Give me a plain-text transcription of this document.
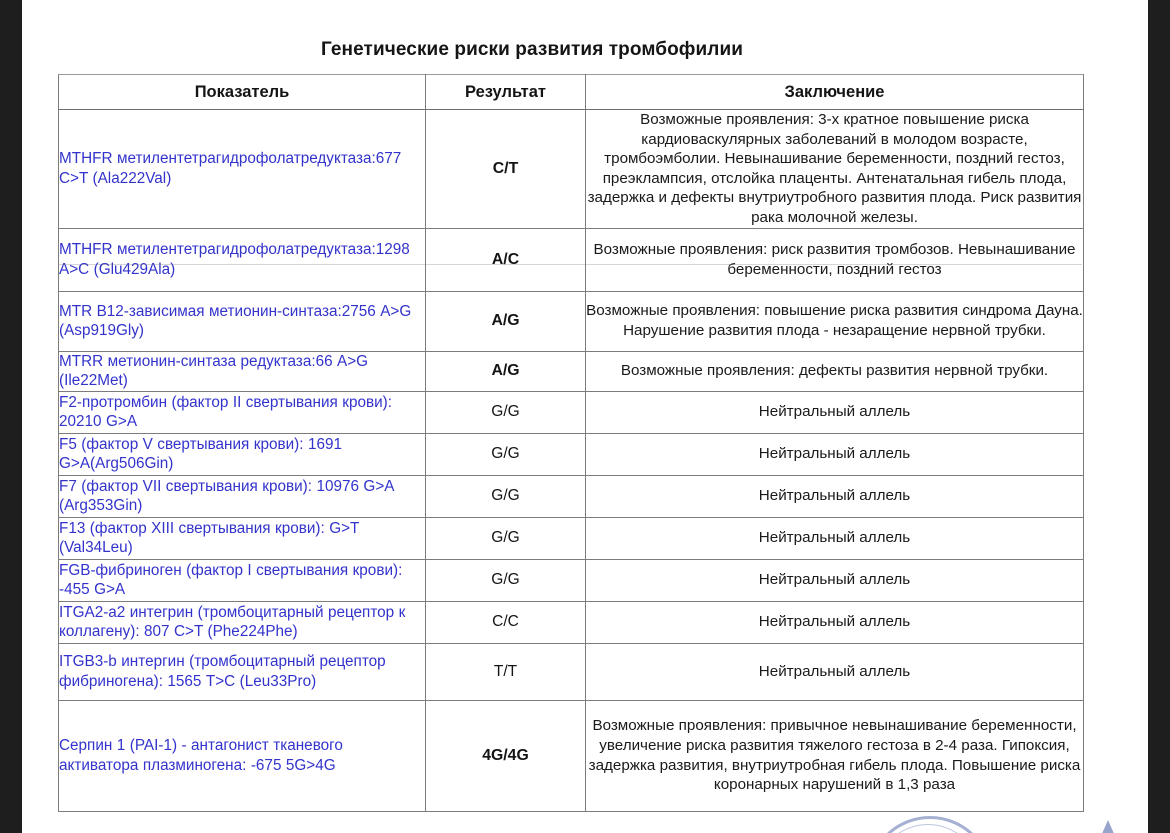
Генетические риски развития тромбофилии
Показатель	Результат	Заключение
MTHFR метилентетрагидрофолатредуктаза:677 C>T (Ala222Val)	C/T	Возможные проявления: 3-х кратное повышение риска кардиоваскулярных заболеваний в молодом возрасте, тромбоэмболии. Невынашивание беременности, поздний гестоз, преэклампсия, отслойка плаценты. Антенатальная гибель плода, задержка и дефекты внутриутробного развития плода. Риск развития рака молочной железы.
MTHFR метилентетрагидрофолатредуктаза:1298 A>C (Glu429Ala)	A/C	Возможные проявления: риск развития тромбозов. Невынашивание беременности, поздний гестоз
MTR B12-зависимая метионин-синтаза:2756 A>G (Asp919Gly)	A/G	Возможные проявления: повышение риска развития синдрома Дауна. Нарушение развития плода - незаращение нервной трубки.
MTRR метионин-синтаза редуктаза:66 A>G (Ile22Met)	A/G	Возможные проявления: дефекты развития нервной трубки.
F2-протромбин (фактор II свертывания крови): 20210 G>A	G/G	Нейтральный аллель
F5 (фактор V свертывания крови): 1691 G>A(Arg506Gin)	G/G	Нейтральный аллель
F7 (фактор VII свертывания крови): 10976 G>A (Arg353Gin)	G/G	Нейтральный аллель
F13 (фактор XIII свертывания крови): G>T (Val34Leu)	G/G	Нейтральный аллель
FGB-фибриноген (фактор I свертывания крови): -455 G>A	G/G	Нейтральный аллель
ITGA2-a2 интегрин (тромбоцитарный рецептор к коллагену): 807 C>T (Phe224Phe)	C/C	Нейтральный аллель
ITGB3-b интергин (тромбоцитарный рецептор фибриногена): 1565 T>C (Leu33Pro)	T/T	Нейтральный аллель
Серпин 1 (PAI-1) - антагонист тканевого активатора плазминогена: -675 5G>4G	4G/4G	Возможные проявления: привычное невынашивание беременности, увеличение риска развития тяжелого гестоза в 2-4 раза. Гипоксия, задержка развития, внутриутробная гибель плода. Повышение риска коронарных нарушений в 1,3 раза
